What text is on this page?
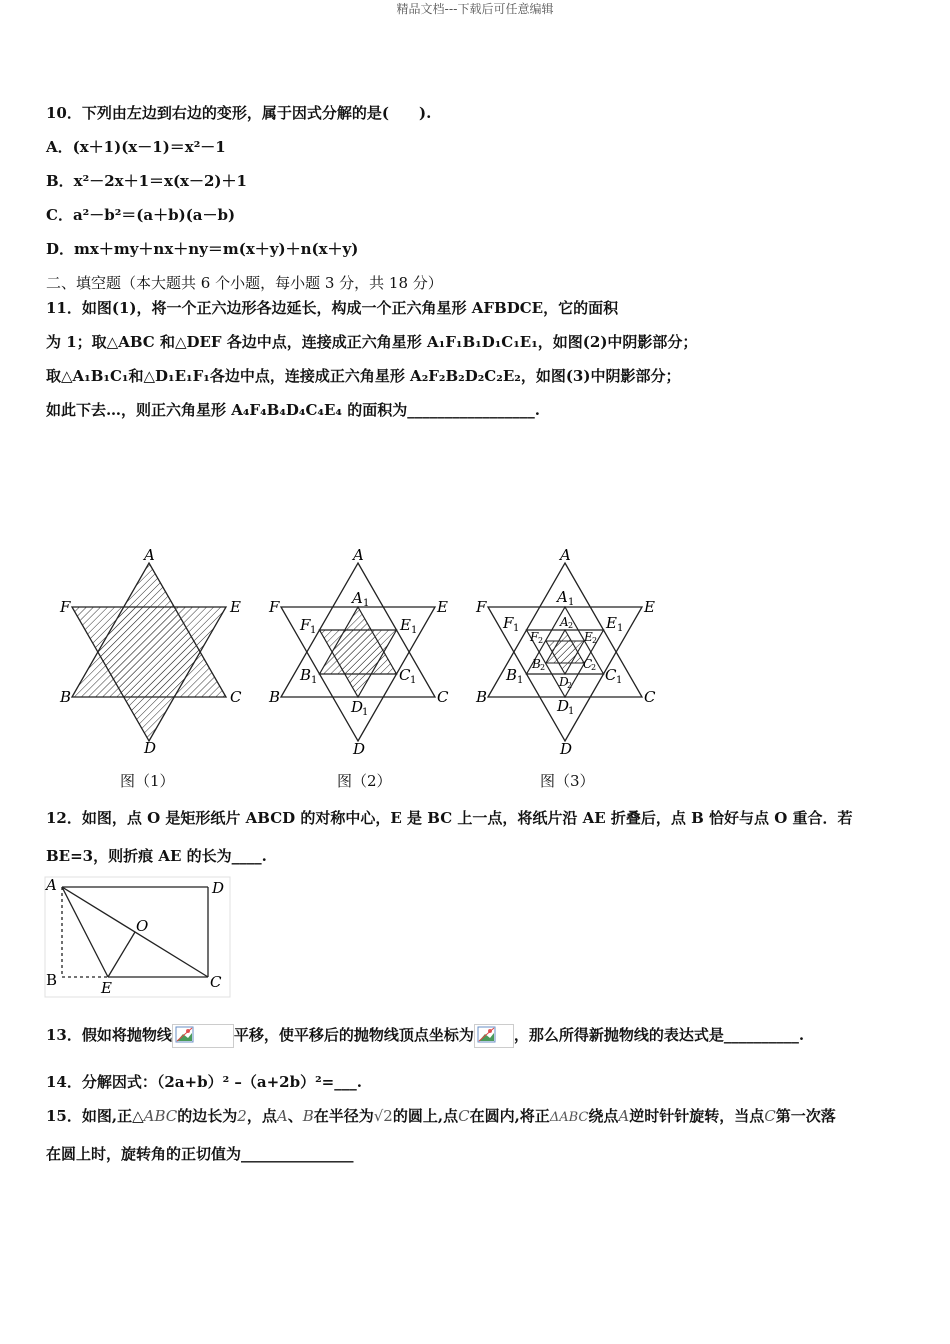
精品文档---下载后可任意编辑
10．下列由左边到右边的变形，属于因式分解的是(　　).
A．(x＋1)(x－1)＝x²－1
B．x²－2x＋1＝x(x－2)＋1
C．a²－b²＝(a＋b)(a－b)
D．mx＋my＋nx＋ny＝m(x＋y)＋n(x＋y)
二、填空题（本大题共 6 个小题，每小题 3 分，共 18 分）
11．如图(1)，将一个正六边形各边延长，构成一个正六角星形 AFBDCE，它的面积
为 1；取△ABC 和△DEF 各边中点，连接成正六角星形 A₁F₁B₁D₁C₁E₁，如图(2)中阴影部分；
取△A₁B₁C₁和△D₁E₁F₁各边中点，连接成正六角星形 A₂F₂B₂D₂C₂E₂，如图(3)中阴影部分；
如此下去…，则正六角星形 A₄F₄B₄D₄C₄E₄ 的面积为_________________.
A
F	E
B	C
D
A
F	E
B	C
D
A 1
F 1	E 1
B 1	C 1
D
1
A
F	E
B	C
D
A 1
F 1	E 1
B 1	C 1
D
1
A 2
F 2	E 2
B 2	C
2
D
2
图（1）	图（2）	图（3）
12．如图，点 O 是矩形纸片 ABCD 的对称中心，E 是 BC 上一点，将纸片沿 AE 折叠后，点 B 恰好与点 O 重合．若
BE=3，则折痕 AE 的长为____.
A	D
O
B	E	C
13．假如将抛物线	平移，使平移后的抛物线顶点坐标为	，那么所得新抛物线的表达式是__________.
14．分解因式：（2a+b）² –（a+2b）²=___.
15．如图,正△ABC的边长为2，点A、B在半径为√2的圆上,点C在圆内,将正ΔABC绕点A逆时针针旋转，当点C第一次落
在圆上时，旋转角的正切值为_______________
